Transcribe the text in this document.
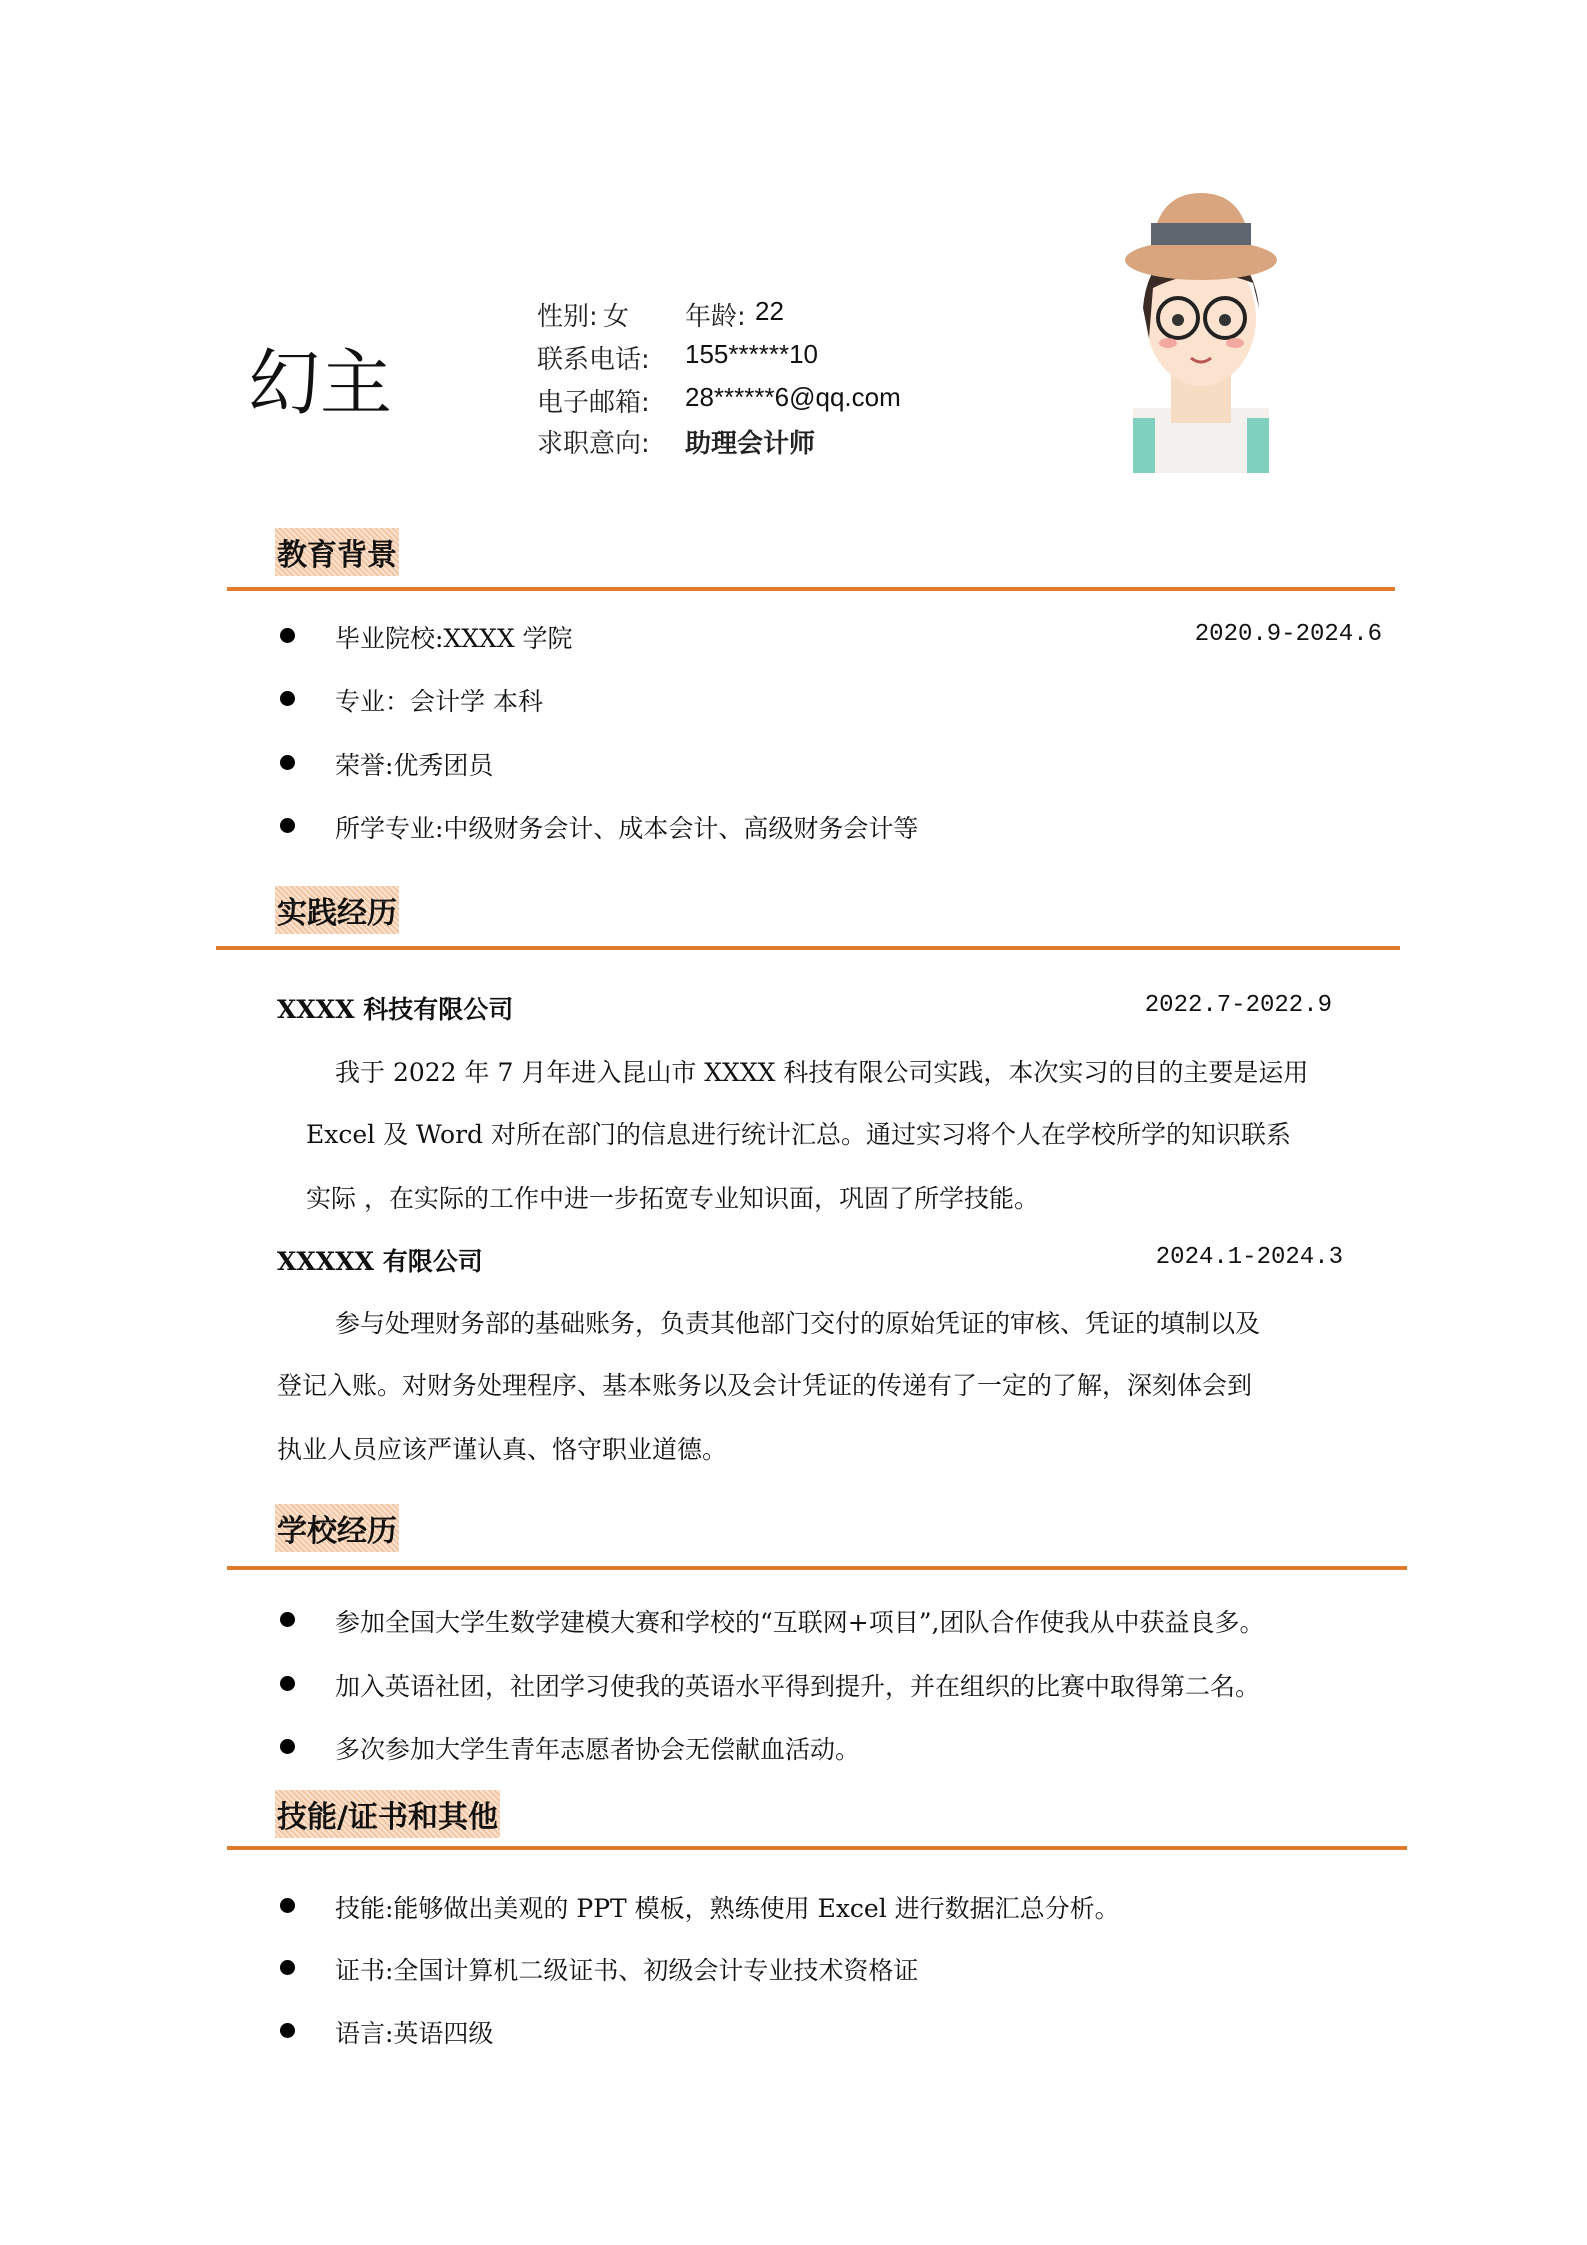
幻主
性别: 女 年龄: 22
联系电话: 155******10
电子邮箱: 28******6@qq.com
求职意向: 助理会计师
教育背景
毕业院校:XXXX 学院	2020.9-2024.6
专业：会计学 本科
荣誉:优秀团员
所学专业:中级财务会计、成本会计、高级财务会计等
实践经历
XXXX 科技有限公司	2022.7-2022.9
我于 2022 年 7 月年进入昆山市 XXXX 科技有限公司实践，本次实习的目的主要是运用
Excel 及 Word 对所在部门的信息进行统计汇总。通过实习将个人在学校所学的知识联系
实际 ，在实际的工作中进一步拓宽专业知识面，巩固了所学技能。
XXXXX 有限公司	2024.1-2024.3
参与处理财务部的基础账务，负责其他部门交付的原始凭证的审核、凭证的填制以及
登记入账。对财务处理程序、基本账务以及会计凭证的传递有了一定的了解，深刻体会到
执业人员应该严谨认真、恪守职业道德。
学校经历
参加全国大学生数学建模大赛和学校的“互联网+项目”,团队合作使我从中获益良多。
加入英语社团，社团学习使我的英语水平得到提升，并在组织的比赛中取得第二名。
多次参加大学生青年志愿者协会无偿献血活动。
技能/证书和其他
技能:能够做出美观的 PPT 模板，熟练使用 Excel 进行数据汇总分析。
证书:全国计算机二级证书、初级会计专业技术资格证
语言:英语四级
